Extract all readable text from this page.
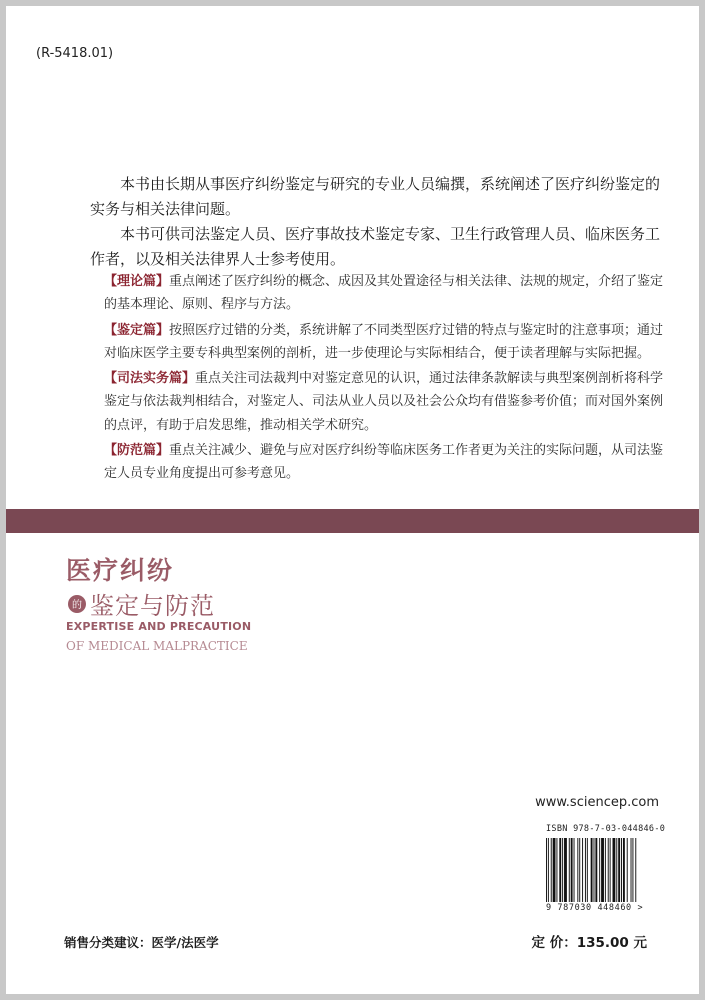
(R-5418.01)

本书由长期从事医疗纠纷鉴定与研究的专业人员编撰，系统阐述了医疗纠纷鉴定的实务与相关法律问题。

本书可供司法鉴定人员、医疗事故技术鉴定专家、卫生行政管理人员、临床医务工作者，以及相关法律界人士参考使用。

【理论篇】重点阐述了医疗纠纷的概念、成因及其处置途径与相关法律、法规的规定，介绍了鉴定的基本理论、原则、程序与方法。

【鉴定篇】按照医疗过错的分类，系统讲解了不同类型医疗过错的特点与鉴定时的注意事项；通过对临床医学主要专科典型案例的剖析，进一步使理论与实际相结合，便于读者理解与实际把握。

【司法实务篇】重点关注司法裁判中对鉴定意见的认识，通过法律条款解读与典型案例剖析将科学鉴定与依法裁判相结合，对鉴定人、司法从业人员以及社会公众均有借鉴参考价值；而对国外案例的点评，有助于启发思维，推动相关学术研究。

【防范篇】重点关注减少、避免与应对医疗纠纷等临床医务工作者更为关注的实际问题，从司法鉴定人员专业角度提出可参考意见。

医疗纠纷
的 鉴定与防范
EXPERTISE AND PRECAUTION
OF MEDICAL MALPRACTICE
www.sciencep.com
ISBN 978-7-03-044846-0
9 787030 448460 >
销售分类建议：医学/法医学	定 价：135.00 元
